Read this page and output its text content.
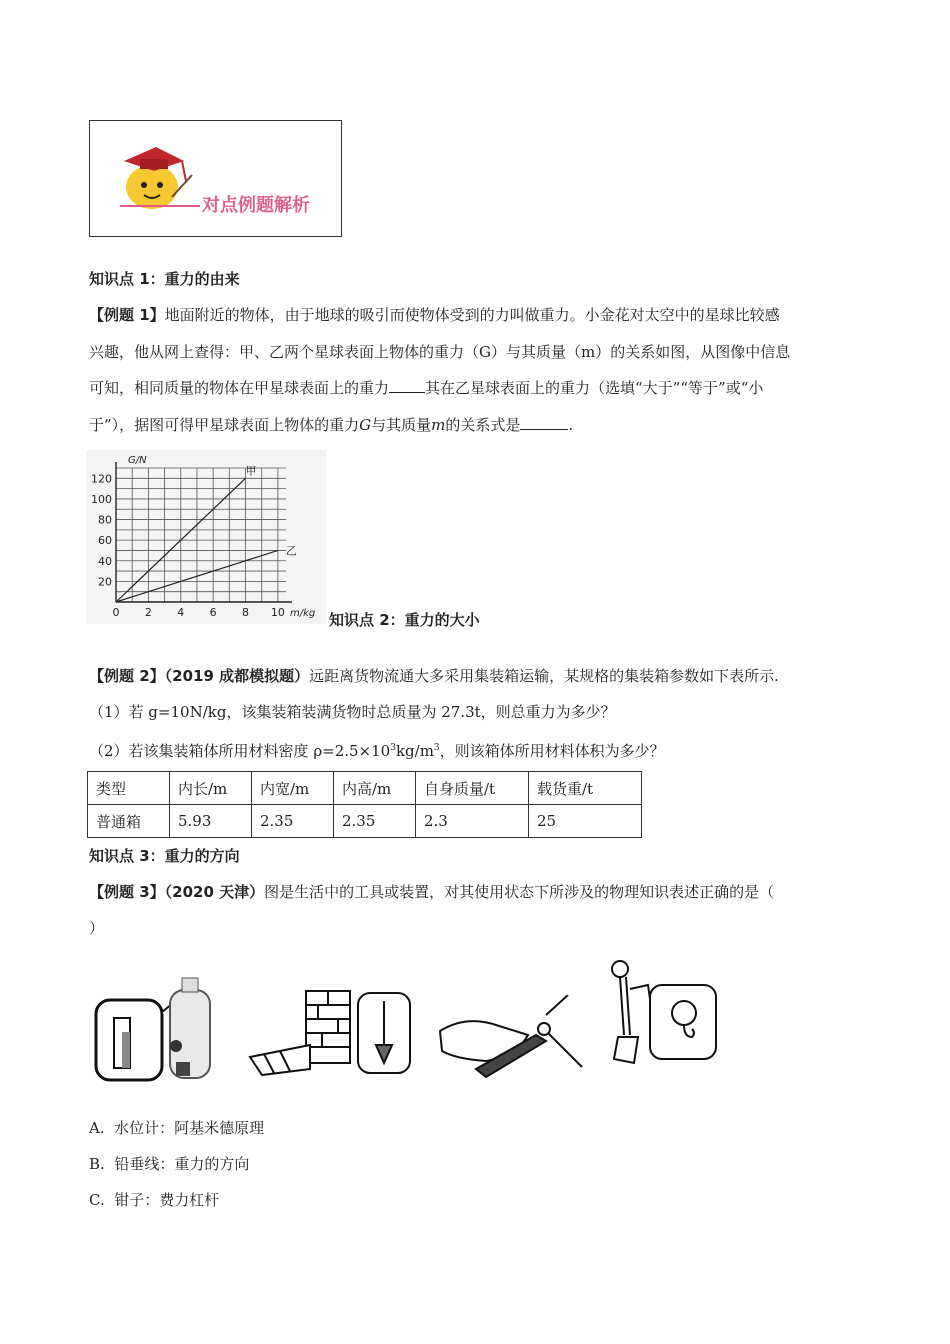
对点例题解析
知识点 1：重力的由来
【例题 1】地面附近的物体，由于地球的吸引而使物体受到的力叫做重力。小金花对太空中的星球比较感
兴趣，他从网上查得：甲、乙两个星球表面上物体的重力（G）与其质量（m）的关系如图，从图像中信息
可知，相同质量的物体在甲星球表面上的重力 其在乙星球表面上的重力（选填“大于”“等于”或“小
于”），据图可得甲星球表面上物体的重力G与其质量m的关系式是	.
20
40
60
80
100
120
0 2 4 6 8 10
G/N
m/kg
甲
乙
知识点 2：重力的大小
【例题 2】（2019 成都模拟题）远距离货物流通大多采用集装箱运输，某规格的集装箱参数如下表所示.
（1）若 g=10N/kg，该集装箱装满货物时总质量为 27.3t，则总重力为多少？
（2）若该集装箱体所用材料密度 $\rho=2.5\times 10^3kg/m^3$，则该箱体所用材料体积为多少？
类型	内长/m	内宽/m	内高/m	自身质量/t	载货重/t
普通箱	5.93	2.35	2.35	2.3	25
知识点 3：重力的方向
【例题 3】（2020 天津）图是生活中的工具或装置，对其使用状态下所涉及的物理知识表述正确的是（
）
A. 水位计：阿基米德原理
B. 铅垂线：重力的方向
C. 钳子：费力杠杆
